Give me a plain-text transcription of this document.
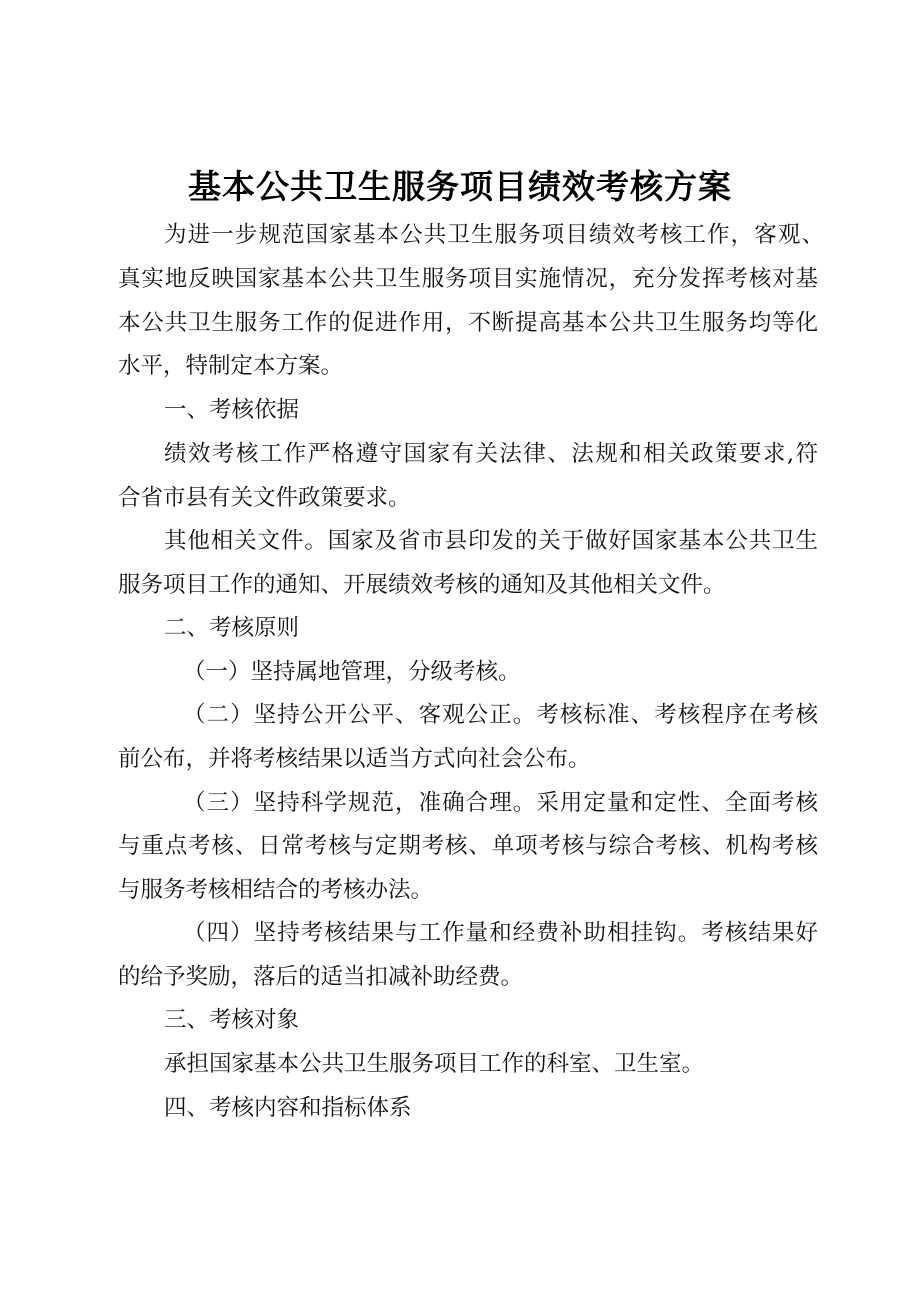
基本公共卫生服务项目绩效考核方案
为进一步规范国家基本公共卫生服务项目绩效考核工作，客观、
真实地反映国家基本公共卫生服务项目实施情况，充分发挥考核对基
本公共卫生服务工作的促进作用，不断提高基本公共卫生服务均等化
水平，特制定本方案。
一、考核依据
绩效考核工作严格遵守国家有关法律、法规和相关政策要求,符
合省市县有关文件政策要求。
其他相关文件。国家及省市县印发的关于做好国家基本公共卫生
服务项目工作的通知、开展绩效考核的通知及其他相关文件。
二、考核原则
（一）坚持属地管理，分级考核。
（二）坚持公开公平、客观公正。考核标准、考核程序在考核
前公布，并将考核结果以适当方式向社会公布。
（三）坚持科学规范，准确合理。采用定量和定性、全面考核
与重点考核、日常考核与定期考核、单项考核与综合考核、机构考核
与服务考核相结合的考核办法。
（四）坚持考核结果与工作量和经费补助相挂钩。考核结果好
的给予奖励，落后的适当扣减补助经费。
三、考核对象
承担国家基本公共卫生服务项目工作的科室、卫生室。
四、考核内容和指标体系
